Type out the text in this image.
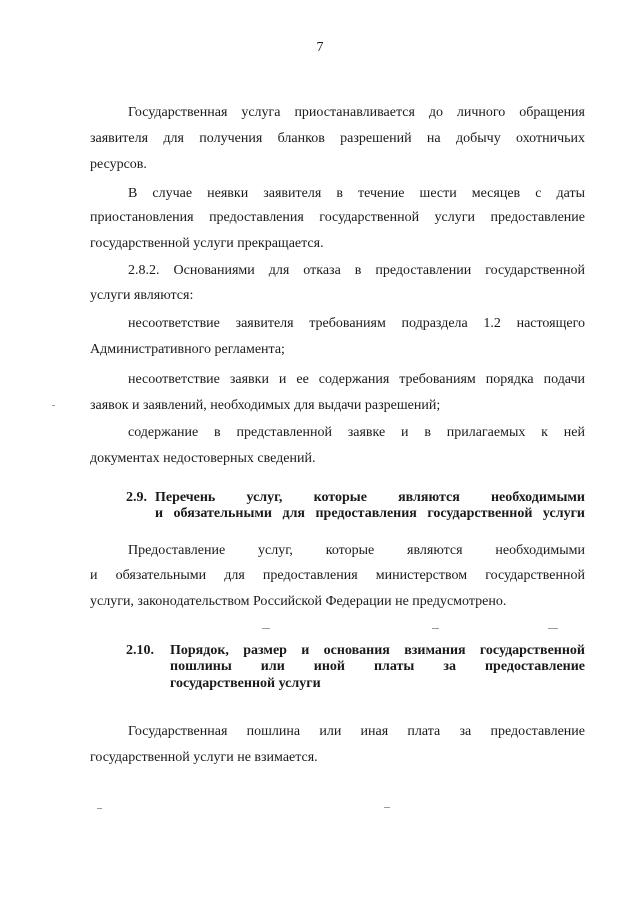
7
Государственная услуга приостанавливается до личного обращения
заявителя для получения бланков разрешений на добычу охотничьих
ресурсов.
В случае неявки заявителя в течение шести месяцев с даты
приостановления предоставления государственной услуги предоставление
государственной услуги прекращается.
2.8.2. Основаниями для отказа в предоставлении государственной
услуги являются:
несоответствие заявителя требованиям подраздела 1.2 настоящего
Административного регламента;
несоответствие заявки и ее содержания требованиям порядка подачи
заявок и заявлений, необходимых для выдачи разрешений;
содержание в представленной заявке и в прилагаемых к ней
документах недостоверных сведений.
2.9. Перечень услуг, которые являются необходимыми
и обязательными для предоставления государственной услуги
Предоставление услуг, которые являются необходимыми
и обязательными для предоставления министерством государственной
услуги, законодательством Российской Федерации не предусмотрено.
2.10. Порядок, размер и основания взимания государственной
пошлины или иной платы за предоставление
государственной услуги
Государственная пошлина или иная плата за предоставление
государственной услуги не взимается.
